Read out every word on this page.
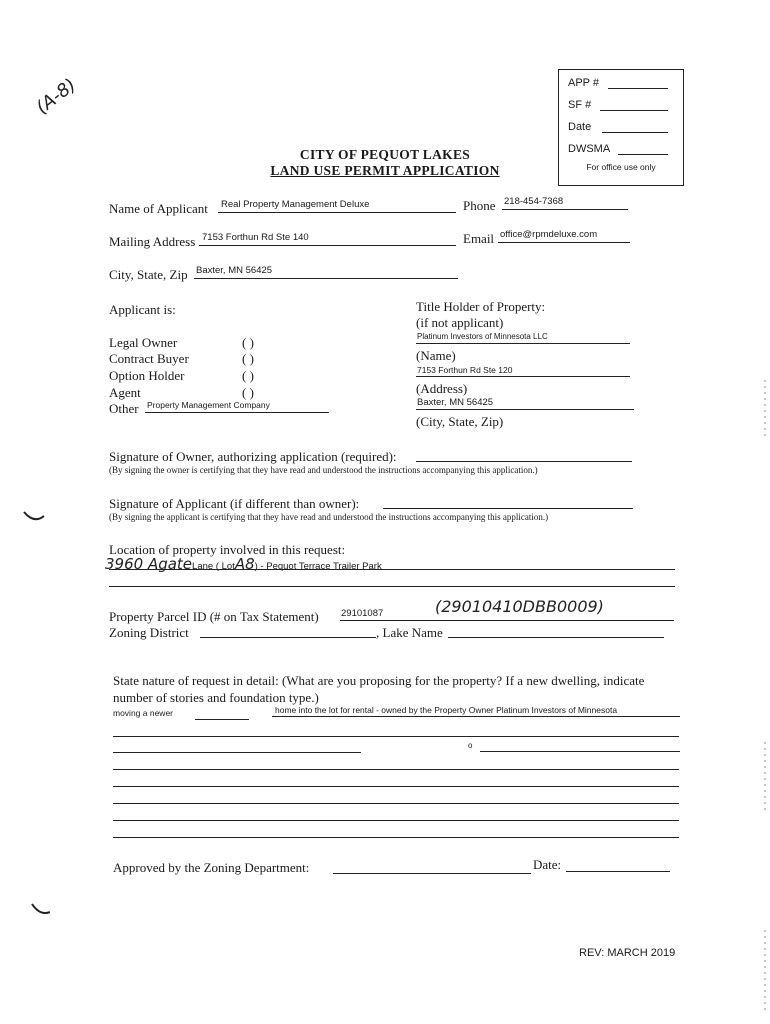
(A-8)	APP #
SF #
Date
DWSMA
For office use only
CITY OF PEQUOT LAKES
LAND USE PERMIT APPLICATION
Name of Applicant Real Property Management Deluxe	Phone 218-454-7368
Mailing Address 7153 Forthun Rd Ste 140	Email office@rpmdeluxe.com
City, State, Zip Baxter, MN 56425
Applicant is:
Legal Owner	( )
Contract Buyer	( )
Option Holder	( )
Agent	( )
Other Property Management Company
Title Holder of Property:
(if not applicant)
Platinum Investors of Minnesota LLC
(Name)
7153 Forthun Rd Ste 120
(Address)
Baxter, MN 56425
(City, State, Zip)
Signature of Owner, authorizing application (required):
(By signing the owner is certifying that they have read and understood the instructions accompanying this application.)
Signature of Applicant (if different than owner):
(By signing the applicant is certifying that they have read and understood the instructions accompanying this application.)
Location of property involved in this request:
3960 AgateLane ( LotA8) - Pequot Terrace Trailer Park
Property Parcel ID (# on Tax Statement) 29101087	(29010410DBB0009)
Zoning District	, Lake Name
State nature of request in detail: (What are you proposing for the property? If a new dwelling, indicate
number of stories and foundation type.)
moving a newer	home into the lot for rental - owned by the Property Owner Platinum Investors of Minnesota
o
Approved by the Zoning Department:	Date:
REV: MARCH 2019
